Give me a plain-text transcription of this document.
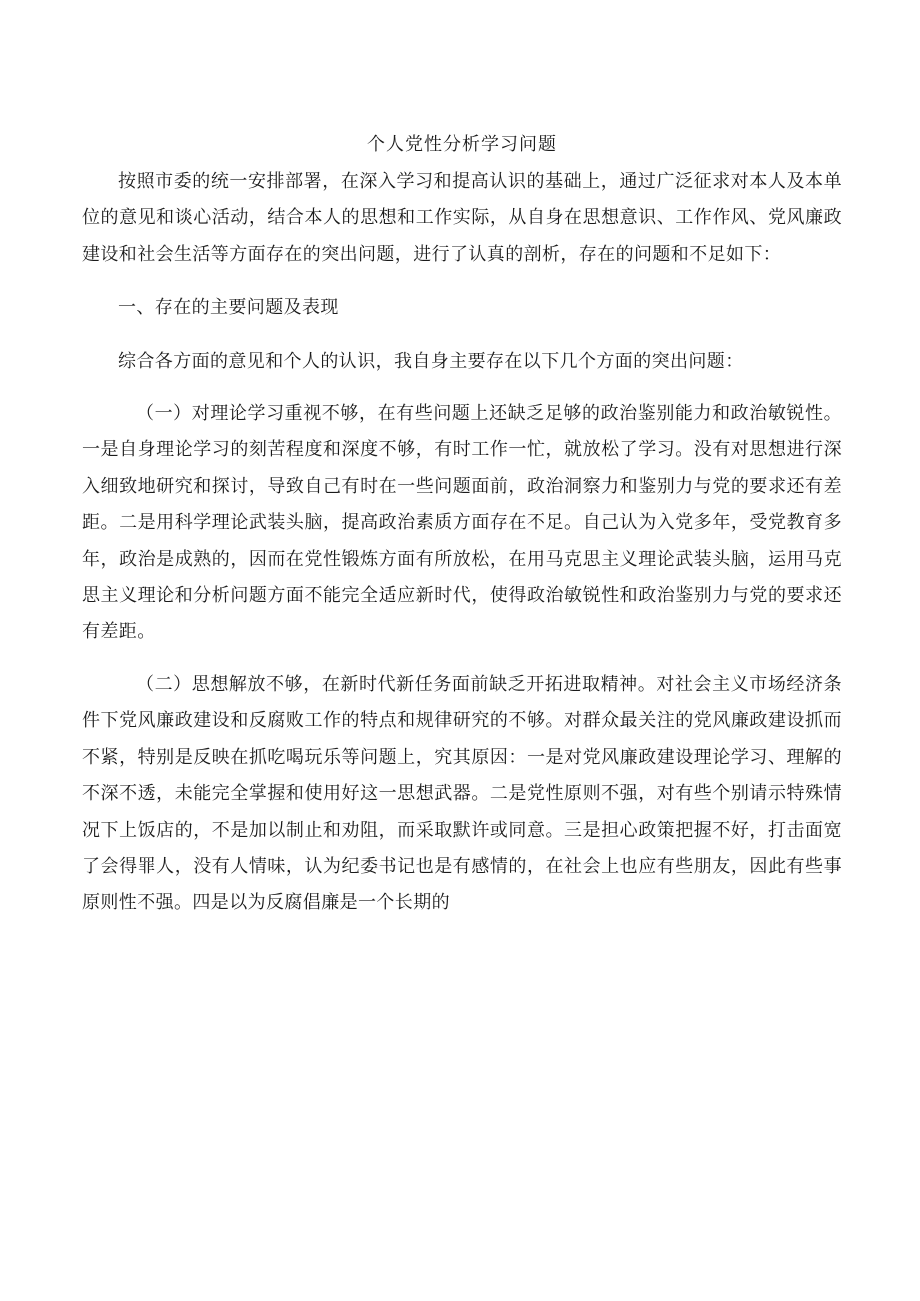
个人党性分析学习问题

按照市委的统一安排部署，在深入学习和提高认识的基础上，通过广泛征求对本人及本单位的意见和谈心活动，结合本人的思想和工作实际，从自身在思想意识、工作作风、党风廉政建设和社会生活等方面存在的突出问题，进行了认真的剖析，存在的问题和不足如下：

一、存在的主要问题及表现

综合各方面的意见和个人的认识，我自身主要存在以下几个方面的突出问题：

（一）对理论学习重视不够，在有些问题上还缺乏足够的政治鉴别能力和政治敏锐性。一是自身理论学习的刻苦程度和深度不够，有时工作一忙，就放松了学习。没有对思想进行深入细致地研究和探讨，导致自己有时在一些问题面前，政治洞察力和鉴别力与党的要求还有差距。二是用科学理论武装头脑，提高政治素质方面存在不足。自己认为入党多年，受党教育多年，政治是成熟的，因而在党性锻炼方面有所放松，在用马克思主义理论武装头脑，运用马克思主义理论和分析问题方面不能完全适应新时代，使得政治敏锐性和政治鉴别力与党的要求还有差距。

（二）思想解放不够，在新时代新任务面前缺乏开拓进取精神。对社会主义市场经济条件下党风廉政建设和反腐败工作的特点和规律研究的不够。对群众最关注的党风廉政建设抓而不紧，特别是反映在抓吃喝玩乐等问题上，究其原因：一是对党风廉政建设理论学习、理解的不深不透，未能完全掌握和使用好这一思想武器。二是党性原则不强，对有些个别请示特殊情况下上饭店的，不是加以制止和劝阻，而采取默许或同意。三是担心政策把握不好，打击面宽了会得罪人，没有人情味，认为纪委书记也是有感情的，在社会上也应有些朋友，因此有些事原则性不强。四是以为反腐倡廉是一个长期的
